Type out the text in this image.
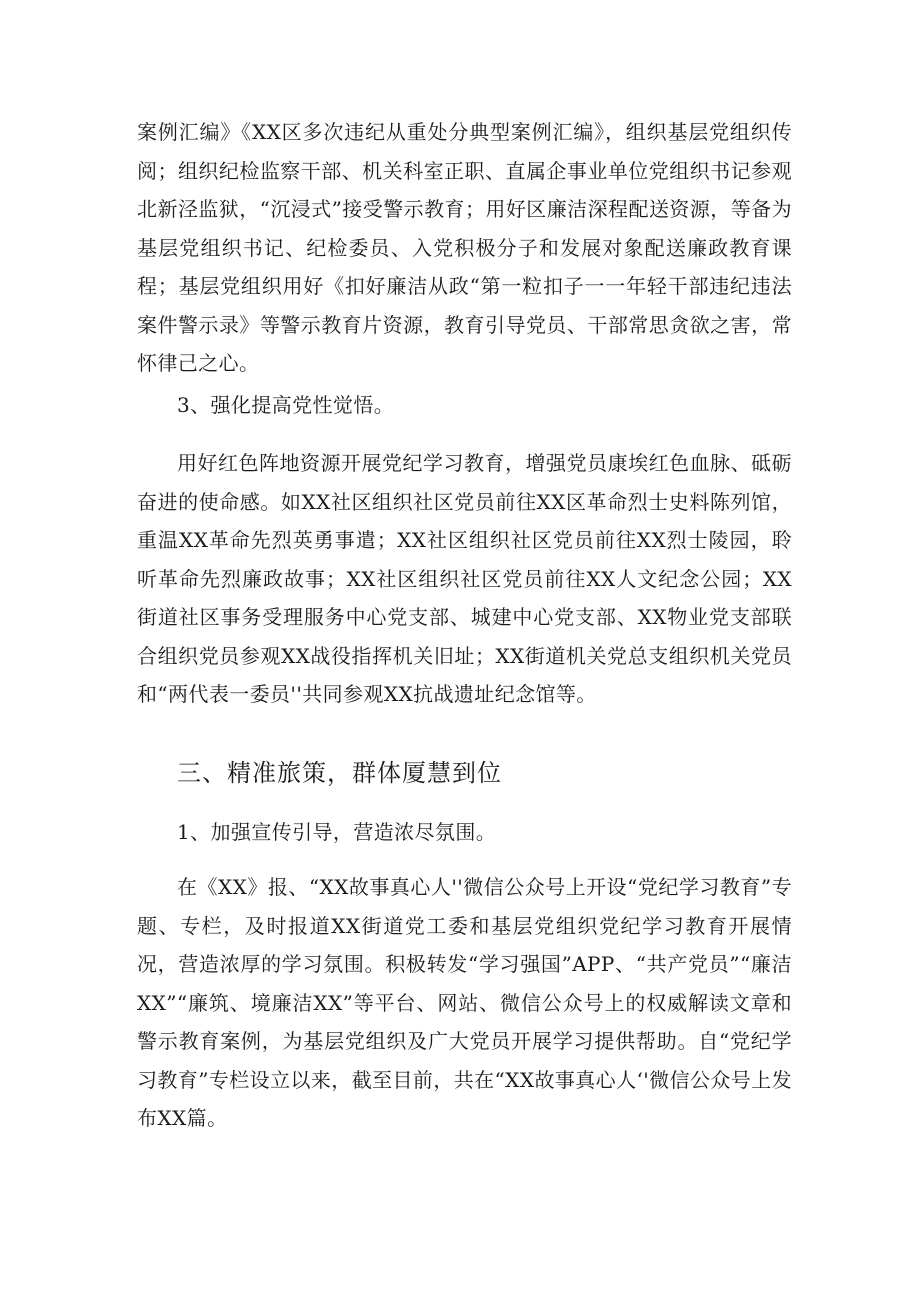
案例汇编》《XX区多次违纪从重处分典型案例汇编》，组织基层党组织传阅；组织纪检监察干部、机关科室正职、直属企事业单位党组织书记参观北新泾监狱，“沉浸式”接受警示教育；用好区廉洁深程配送资源，等备为基层党组织书记、纪检委员、入党积极分子和发展对象配送廉政教育课程；基层党组织用好《扣好廉洁从政“第一粒扣子一一年轻干部违纪违法案件警示录》等警示教育片资源，教育引导党员、干部常思贪欲之害，常怀律己之心。

3、强化提高党性觉悟。

用好红色阵地资源开展党纪学习教育，增强党员康埃红色血脉、砥砺奋进的使命感。如XX社区组织社区党员前往XX区革命烈士史料陈列馆，重温XX革命先烈英勇事遣；XX社区组织社区党员前往XX烈士陵园，聆听革命先烈廉政故事；XX社区组织社区党员前往XX人文纪念公园；XX街道社区事务受理服务中心党支部、城建中心党支部、XX物业党支部联合组织党员参观XX战役指挥机关旧址；XX街道机关党总支组织机关党员和“两代表一委员''共同参观XX抗战遗址纪念馆等。

三、精准旅策，群体厦慧到位

1、加强宣传引导，营造浓尽氛围。

在《XX》报、“XX故事真心人''微信公众号上开设“党纪学习教育”专题、专栏，及时报道XX街道党工委和基层党组织党纪学习教育开展情况，营造浓厚的学习氛围。积极转发“学习强国”APP、“共产党员”“廉洁XX”“廉筑、境廉洁XX”等平台、网站、微信公众号上的权威解读文章和警示教育案例，为基层党组织及广大党员开展学习提供帮助。自“党纪学习教育”专栏设立以来，截至目前，共在“XX故事真心人‘'微信公众号上发布XX篇。
